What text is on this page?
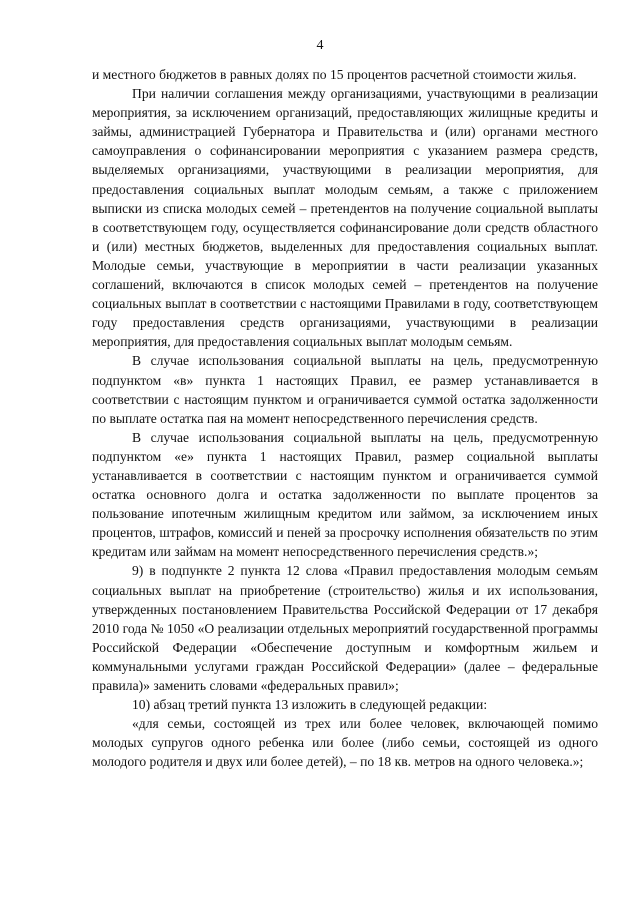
4

и местного бюджетов в равных долях по 15 процентов расчетной стоимости жилья.

При наличии соглашения между организациями, участвующими в реализации мероприятия, за исключением организаций, предоставляющих жилищные кредиты и займы, администрацией Губернатора и Правительства и (или) органами местного самоуправления о софинансировании мероприятия с указанием размера средств, выделяемых организациями, участвующими в реализации мероприятия, для предоставления социальных выплат молодым семьям, а также с приложением выписки из списка молодых семей – претендентов на получение социальной выплаты в соответствующем году, осуществляется софинансирование доли средств областного и (или) местных бюджетов, выделенных для предоставления социальных выплат. Молодые семьи, участвующие в мероприятии в части реализации указанных соглашений, включаются в список молодых семей – претендентов на получение социальных выплат в соответствии с настоящими Правилами в году, соответствующем году предоставления средств организациями, участвующими в реализации мероприятия, для предоставления социальных выплат молодым семьям.

В случае использования социальной выплаты на цель, предусмотренную подпунктом «в» пункта 1 настоящих Правил, ее размер устанавливается в соответствии с настоящим пунктом и ограничивается суммой остатка задолженности по выплате остатка пая на момент непосредственного перечисления средств.

В случае использования социальной выплаты на цель, предусмотренную подпунктом «е» пункта 1 настоящих Правил, размер социальной выплаты устанавливается в соответствии с настоящим пунктом и ограничивается суммой остатка основного долга и остатка задолженности по выплате процентов за пользование ипотечным жилищным кредитом или займом, за исключением иных процентов, штрафов, комиссий и пеней за просрочку исполнения обязательств по этим кредитам или займам на момент непосредственного перечисления средств.»;

9) в подпункте 2 пункта 12 слова «Правил предоставления молодым семьям социальных выплат на приобретение (строительство) жилья и их использования, утвержденных постановлением Правительства Российской Федерации от 17 декабря 2010 года № 1050 «О реализации отдельных мероприятий государственной программы Российской Федерации «Обеспечение доступным и комфортным жильем и коммунальными услугами граждан Российской Федерации» (далее – федеральные правила)» заменить словами «федеральных правил»;

10) абзац третий пункта 13 изложить в следующей редакции:

«для семьи, состоящей из трех или более человек, включающей помимо молодых супругов одного ребенка или более (либо семьи, состоящей из одного молодого родителя и двух или более детей), – по 18 кв. метров на одного человека.»;
